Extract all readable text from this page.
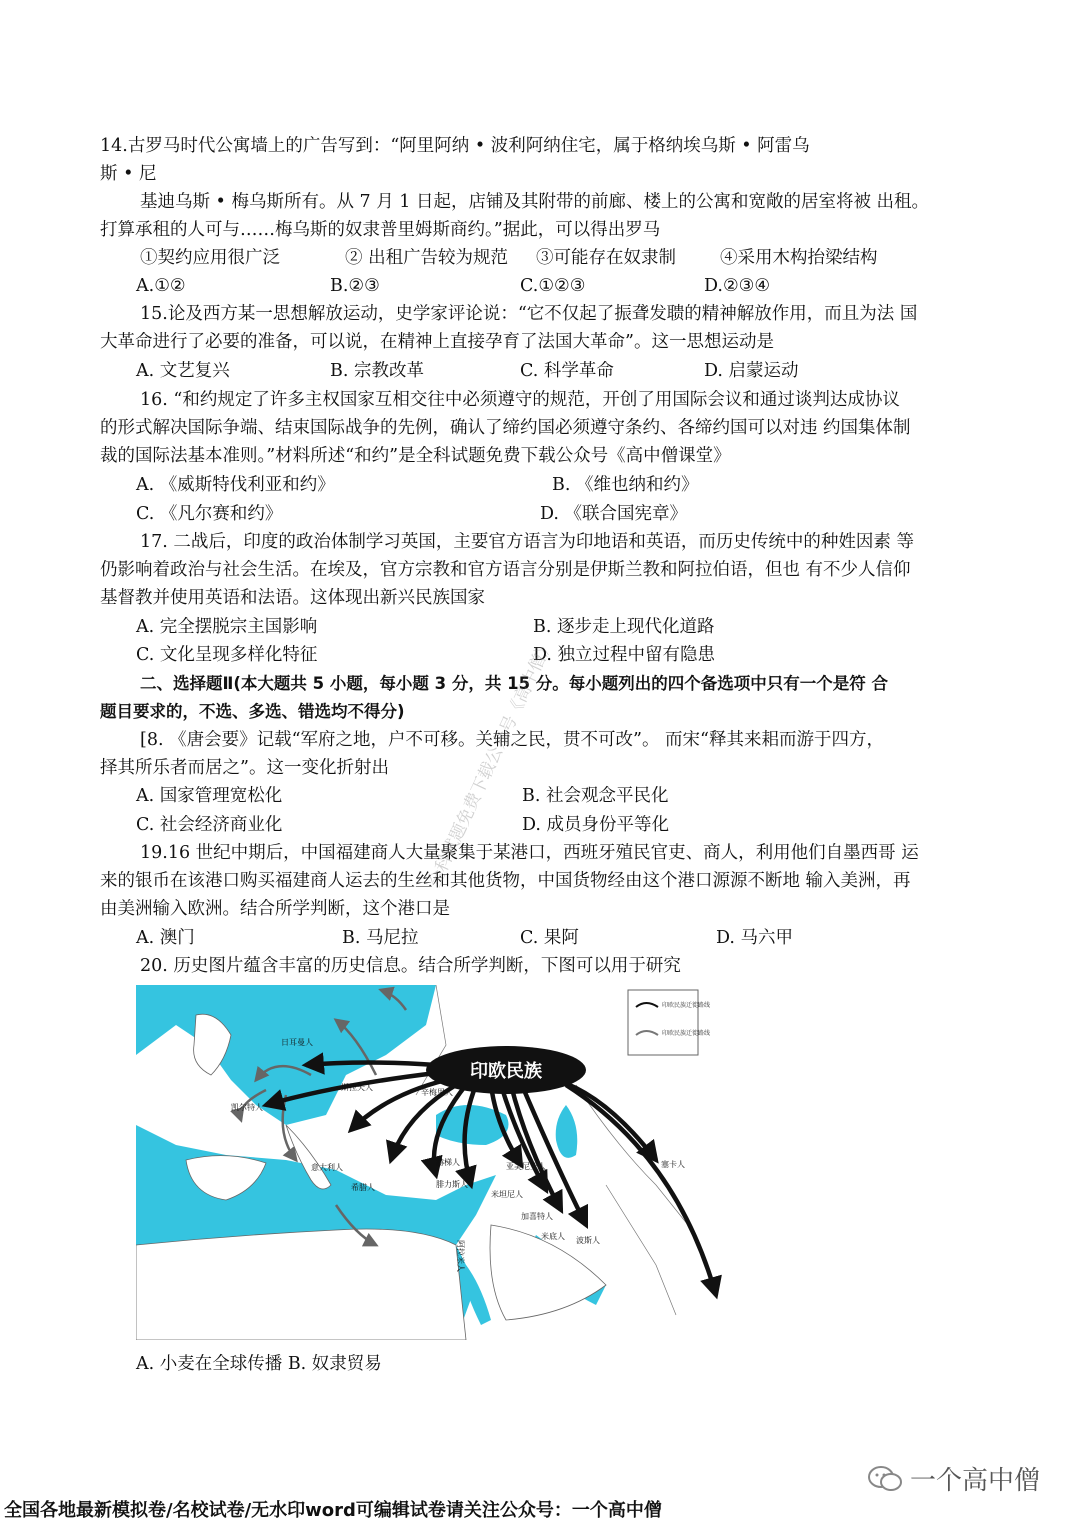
14.古罗马时代公寓墙上的广告写到：“阿里阿纳 • 波利阿纳住宅，属于格纳埃乌斯 • 阿雷乌
斯 • 尼
基迪乌斯 • 梅乌斯所有。从 7 月 1 日起，店铺及其附带的前廊、楼上的公寓和宽敞的居室将被 出租。
打算承租的人可与……梅乌斯的奴隶普里姆斯商约。”据此，可以得出罗马
①契约应用很广泛	② 出租广告较为规范 ③可能存在奴隶制	④采用木构抬梁结构
A.①②	B.②③	C.①②③	D.②③④
15.论及西方某一思想解放运动，史学家评论说：“它不仅起了振聋发聩的精神解放作用，而且为法 国
大革命进行了必要的准备，可以说，在精神上直接孕育了法国大革命”。这一思想运动是
A. 文艺复兴	B. 宗教改革	C. 科学革命	D. 启蒙运动
16. “和约规定了许多主权国家互相交往中必须遵守的规范，开创了用国际会议和通过谈判达成协议
的形式解决国际争端、结束国际战争的先例，确认了缔约国必须遵守条约、各缔约国可以对违 约国集体制
裁的国际法基本准则。”材料所述“和约”是全科试题免费下载公众号《高中僧课堂》
A. 《威斯特伐利亚和约》	B. 《维也纳和约》
C. 《凡尔赛和约》	D. 《联合国宪章》
17. 二战后，印度的政治体制学习英国，主要官方语言为印地语和英语，而历史传统中的种姓因素 等
仍影响着政治与社会生活。在埃及，官方宗教和官方语言分别是伊斯兰教和阿拉伯语，但也 有不少人信仰
基督教并使用英语和法语。这体现出新兴民族国家
A. 完全摆脱宗主国影响	B. 逐步走上现代化道路
C. 文化呈现多样化特征	D. 独立过程中留有隐患
二、选择题Ⅱ(本大题共 5 小题，每小题 3 分，共 15 分。每小题列出的四个备选项中只有一个是符 合
题目要求的，不选、多选、错选均不得分)
[8. 《唐会要》记载“军府之地，户不可移。关辅之民，贯不可改”。 而宋“释其来耜而游于四方，
择其所乐者而居之”。这一变化折射出
A. 国家管理宽松化	B. 社会观念平民化
C. 社会经济商业化	D. 成员身份平等化
19.16 世纪中期后，中国福建商人大量聚集于某港口，西班牙殖民官吏、商人，利用他们自墨西哥 运
来的银币在该港口购买福建商人运去的生丝和其他货物，中国货物经由这个港口源源不断地 输入美洲，再
由美洲输入欧洲。结合所学判断，这个港口是
A. 澳门	B. 马尼拉	C. 果阿	D. 马六甲
20. 历史图片蕴含丰富的历史信息。结合所学判断，下图可以用于研究
印欧民族
印欧民族迁徙路线
印欧民族迁徙路线
日耳曼人
凯尔特人
斯拉夫人
辛梅里人
意大利人
希腊人
赫梯人
腓力斯人
亚美尼亚人
米坦尼人
加喜特人
米底人 波斯人
阿拉米人
塞卡人
A. 小麦在全球传播 B. 奴隶贸易
全科试题免费下载公众号《高中僧》
一个高中僧
全国各地最新模拟卷/名校试卷/无水印word可编辑试卷请关注公众号：一个高中僧
